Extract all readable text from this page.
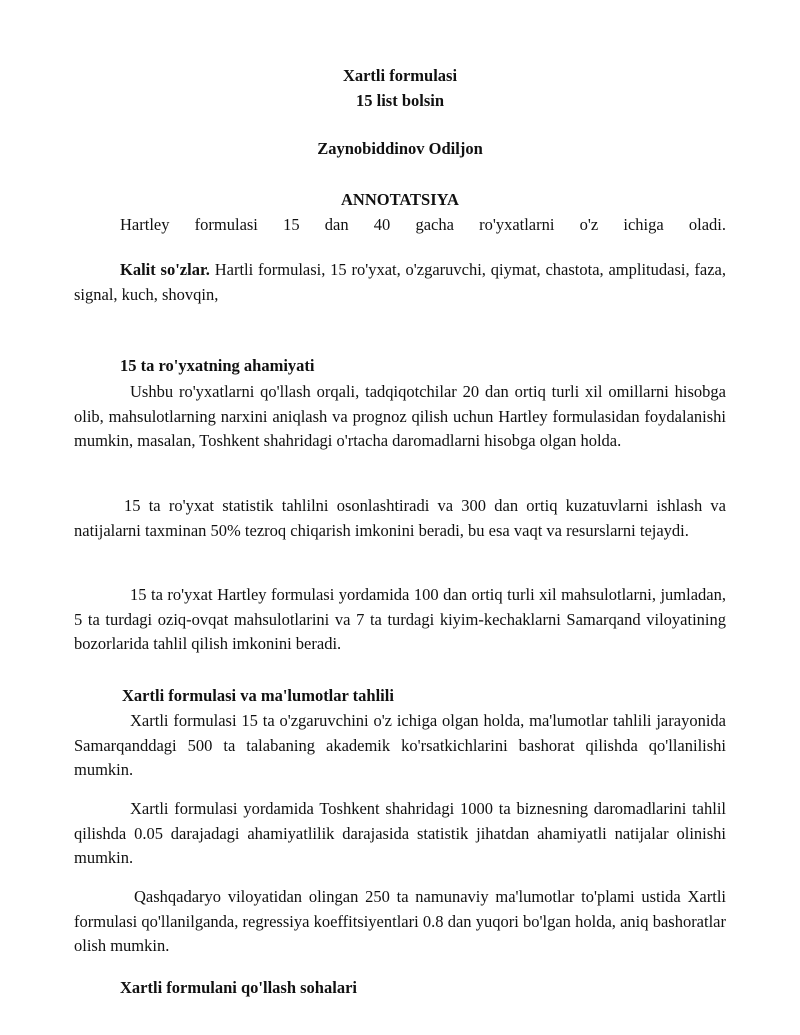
Xartli formulasi
15 list bolsin
Zaynobiddinov Odiljon
ANNOTATSIYA
Hartley formulasi 15 dan 40 gacha ro'yxatlarni o'z ichiga oladi.
Kalit so'zlar. Hartli formulasi, 15 ro'yxat, o'zgaruvchi, qiymat, chastota, amplitudasi, faza, signal, kuch, shovqin,
15 ta ro'yxatning ahamiyati
Ushbu ro'yxatlarni qo'llash orqali, tadqiqotchilar 20 dan ortiq turli xil omillarni hisobga olib, mahsulotlarning narxini aniqlash va prognoz qilish uchun Hartley formulasidan foydalanishi mumkin, masalan, Toshkent shahridagi o'rtacha daromadlarni hisobga olgan holda.
15 ta ro'yxat statistik tahlilni osonlashtiradi va 300 dan ortiq kuzatuvlarni ishlash va natijalarni taxminan 50% tezroq chiqarish imkonini beradi, bu esa vaqt va resurslarni tejaydi.
15 ta ro'yxat Hartley formulasi yordamida 100 dan ortiq turli xil mahsulotlarni, jumladan, 5 ta turdagi oziq-ovqat mahsulotlarini va 7 ta turdagi kiyim-kechaklarni Samarqand viloyatining bozorlarida tahlil qilish imkonini beradi.
Xartli formulasi va ma'lumotlar tahlili
Xartli formulasi 15 ta o'zgaruvchini o'z ichiga olgan holda, ma'lumotlar tahlili jarayonida Samarqanddagi 500 ta talabaning akademik ko'rsatkichlarini bashorat qilishda qo'llanilishi mumkin.
Xartli formulasi yordamida Toshkent shahridagi 1000 ta biznesning daromadlarini tahlil qilishda 0.05 darajadagi ahamiyatlilik darajasida statistik jihatdan ahamiyatli natijalar olinishi mumkin.
Qashqadaryo viloyatidan olingan 250 ta namunaviy ma'lumotlar to'plami ustida Xartli formulasi qo'llanilganda, regressiya koeffitsiyentlari 0.8 dan yuqori bo'lgan holda, aniq bashoratlar olish mumkin.
Xartli formulani qo'llash sohalari
